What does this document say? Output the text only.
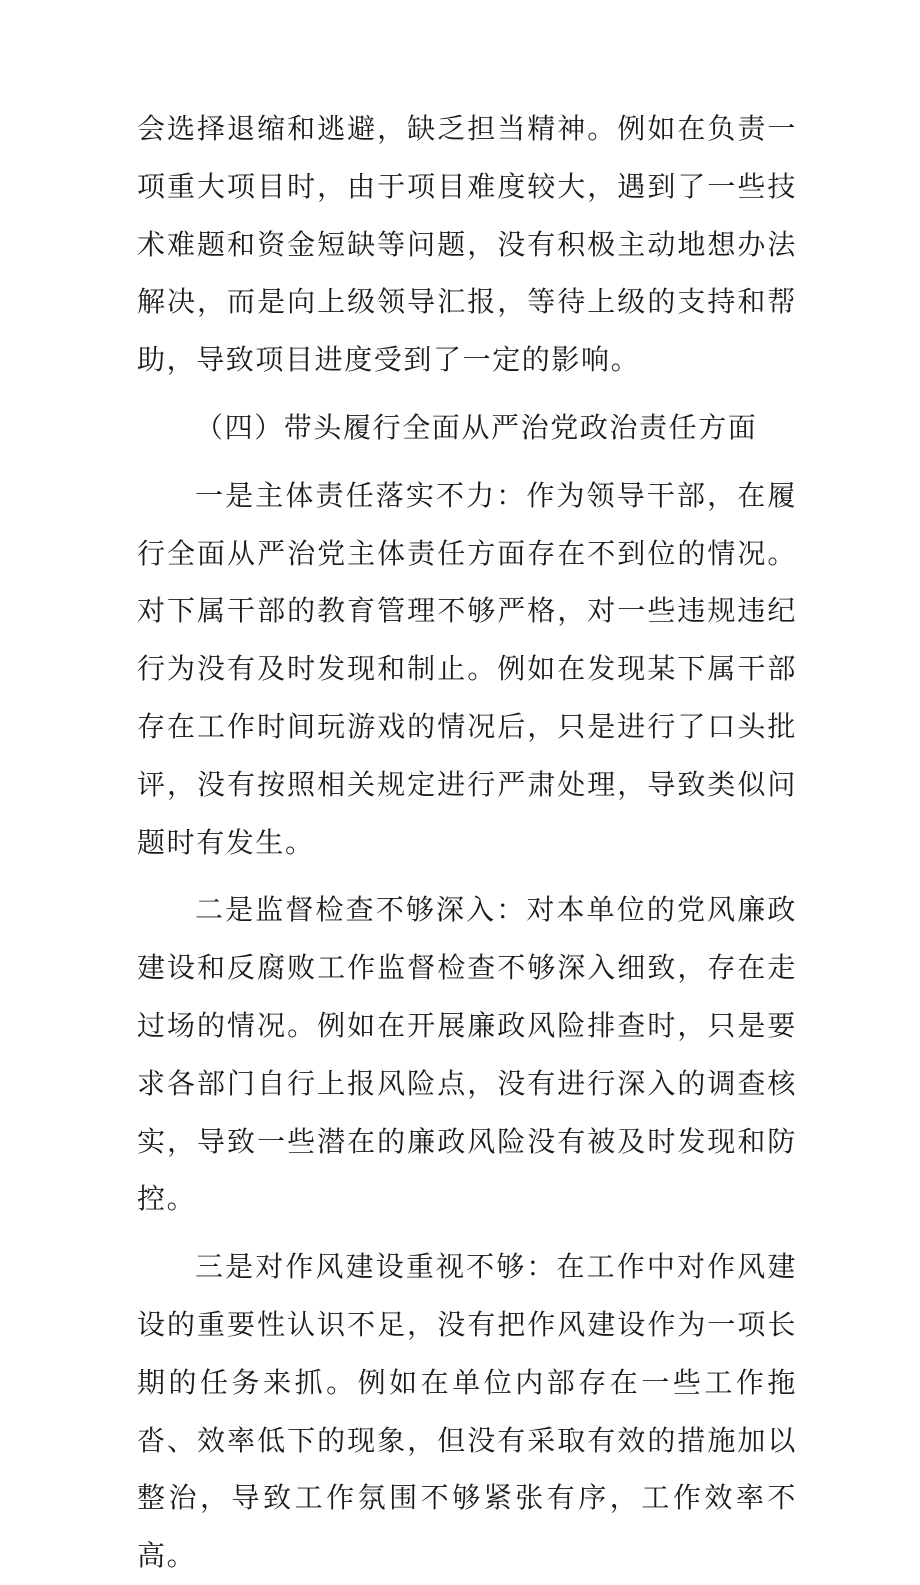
会选择退缩和逃避，缺乏担当精神。例如在负责一项重大项目时，由于项目难度较大，遇到了一些技术难题和资金短缺等问题，没有积极主动地想办法解决，而是向上级领导汇报，等待上级的支持和帮助，导致项目进度受到了一定的影响。

（四）带头履行全面从严治党政治责任方面

一是主体责任落实不力：作为领导干部，在履行全面从严治党主体责任方面存在不到位的情况。对下属干部的教育管理不够严格，对一些违规违纪行为没有及时发现和制止。例如在发现某下属干部存在工作时间玩游戏的情况后，只是进行了口头批评，没有按照相关规定进行严肃处理，导致类似问题时有发生。

二是监督检查不够深入：对本单位的党风廉政建设和反腐败工作监督检查不够深入细致，存在走过场的情况。例如在开展廉政风险排查时，只是要求各部门自行上报风险点，没有进行深入的调查核实，导致一些潜在的廉政风险没有被及时发现和防控。

三是对作风建设重视不够：在工作中对作风建设的重要性认识不足，没有把作风建设作为一项长期的任务来抓。例如在单位内部存在一些工作拖沓、效率低下的现象，但没有采取有效的措施加以整治，导致工作氛围不够紧张有序，工作效率不高。
